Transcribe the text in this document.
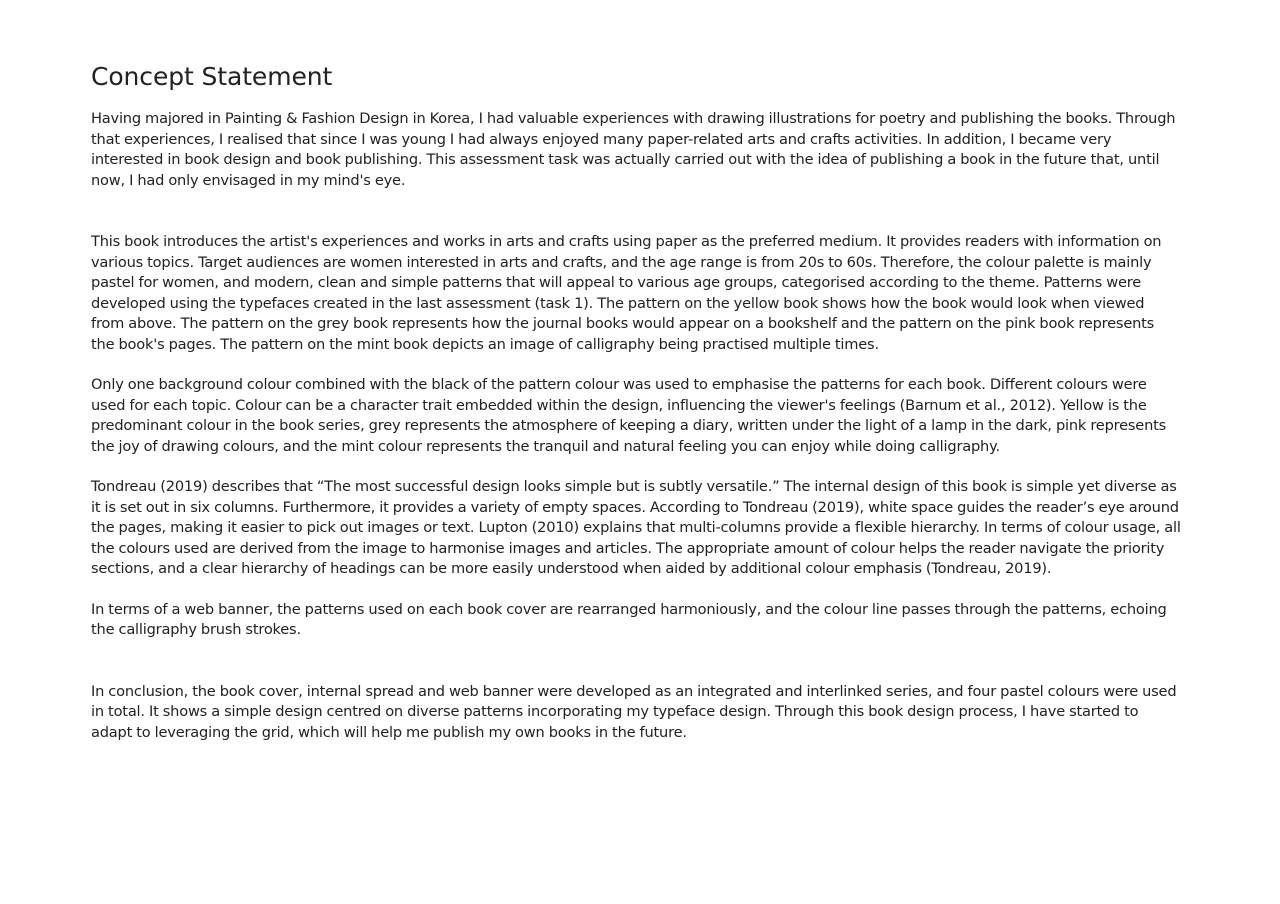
Concept Statement

Having majored in Painting & Fashion Design in Korea, I had valuable experiences with drawing illustrations for poetry and publishing the books. Through that experiences, I realised that since I was young I had always enjoyed many paper-related arts and crafts activities. In addition, I became very interested in book design and book publishing. This assessment task was actually carried out with the idea of publishing a book in the future that, until now, I had only envisaged in my mind's eye.

This book introduces the artist's experiences and works in arts and crafts using paper as the preferred medium. It provides readers with information on various topics. Target audiences are women interested in arts and crafts, and the age range is from 20s to 60s. Therefore, the colour palette is mainly pastel for women, and modern, clean and simple patterns that will appeal to various age groups, categorised according to the theme. Patterns were developed using the typefaces created in the last assessment (task 1). The pattern on the yellow book shows how the book would look when viewed from above. The pattern on the grey book represents how the journal books would appear on a bookshelf and the pattern on the pink book represents the book's pages. The pattern on the mint book depicts an image of calligraphy being practised multiple times.

Only one background colour combined with the black of the pattern colour was used to emphasise the patterns for each book. Different colours were used for each topic. Colour can be a character trait embedded within the design, influencing the viewer's feelings (Barnum et al., 2012). Yellow is the predominant colour in the book series, grey represents the atmosphere of keeping a diary, written under the light of a lamp in the dark, pink represents the joy of drawing colours, and the mint colour represents the tranquil and natural feeling you can enjoy while doing calligraphy.

Tondreau (2019) describes that “The most successful design looks simple but is subtly versatile.” The internal design of this book is simple yet diverse as it is set out in six columns. Furthermore, it provides a variety of empty spaces. According to Tondreau (2019), white space guides the reader’s eye around the pages, making it easier to pick out images or text. Lupton (2010) explains that multi-columns provide a flexible hierarchy. In terms of colour usage, all the colours used are derived from the image to harmonise images and articles. The appropriate amount of colour helps the reader navigate the priority sections, and a clear hierarchy of headings can be more easily understood when aided by additional colour emphasis (Tondreau, 2019).

In terms of a web banner, the patterns used on each book cover are rearranged harmoniously, and the colour line passes through the patterns, echoing the calligraphy brush strokes.

In conclusion, the book cover, internal spread and web banner were developed as an integrated and interlinked series, and four pastel colours were used in total. It shows a simple design centred on diverse patterns incorporating my typeface design. Through this book design process, I have started to adapt to leveraging the grid, which will help me publish my own books in the future.
